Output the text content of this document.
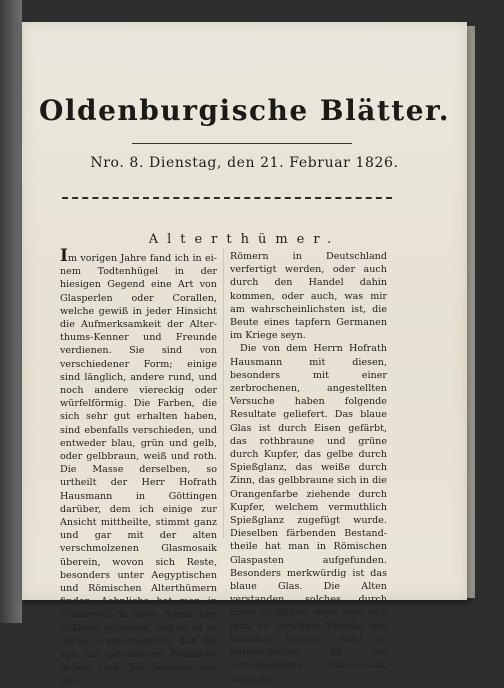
Oldenburgische Blätter.
Nro. 8. Dienstag, den 21. Februar 1826.
Alterthümer.

Im vorigen Jahre fand ich in einem Todtenhügel in der hiesigen Gegend eine Art von Glasperlen oder Corallen, welche gewiß in jeder Hinsicht die Aufmerksamkeit der Alterthums-Kenner und Freunde verdienen. Sie sind von verschiedener Form; einige sind länglich, andere rund, und noch andere viereckig oder würfelförmig. Die Farben, die sich sehr gut erhalten haben, sind ebenfalls verschieden, und entweder blau, grün und gelb, oder gelbbraun, weiß und roth. Die Masse derselben, so urtheilt der Herr Hofrath Hausmann in Göttingen darüber, dem ich einige zur Ansicht mittheilte, stimmt ganz und gar mit der alten verschmolzenen Glasmosaik überein, wovon sich Reste, besonders unter Aegyptischen und Römischen Alterthümern finden. Aehnliche hat man in Frankreich in alten Römischen Gräbern gefunden, und so ist es höchst wahrscheinlich, daß die von mir gefundenen Römische Arbeit sind. Sie konnten von den

Römern in Deutschland verfertigt werden, oder auch durch den Handel dahin kommen, oder auch, was mir am wahrscheinlichsten ist, die Beute eines tapfern Germanen im Kriege seyn.

Die von dem Herrn Hofrath Hausmann mit diesen, besonders mit einer zerbrochenen, angestellten Versuche haben folgende Resultate geliefert. Das blaue Glas ist durch Eisen gefärbt, das rothbraune und grüne durch Kupfer, das gelbe durch Spießglanz, das weiße durch Zinn, das gelbbraune sich in die Orangenfarbe ziehende durch Kupfer, welchem vermuthlich Spießglanz zugefügt wurde. Dieselben färbenden Bestandtheile hat man in Römischen Glaspasten aufgefunden. Besonders merkwürdig ist das blaue Glas. Die Alten verstanden, solches durch Eisen zu färben, wozu man sich jetzt zu gleichem Zwecke des Kobaltes bedient. Wohl zu unterscheiden ist die verschmolzene Glasmosaik, wozu die
